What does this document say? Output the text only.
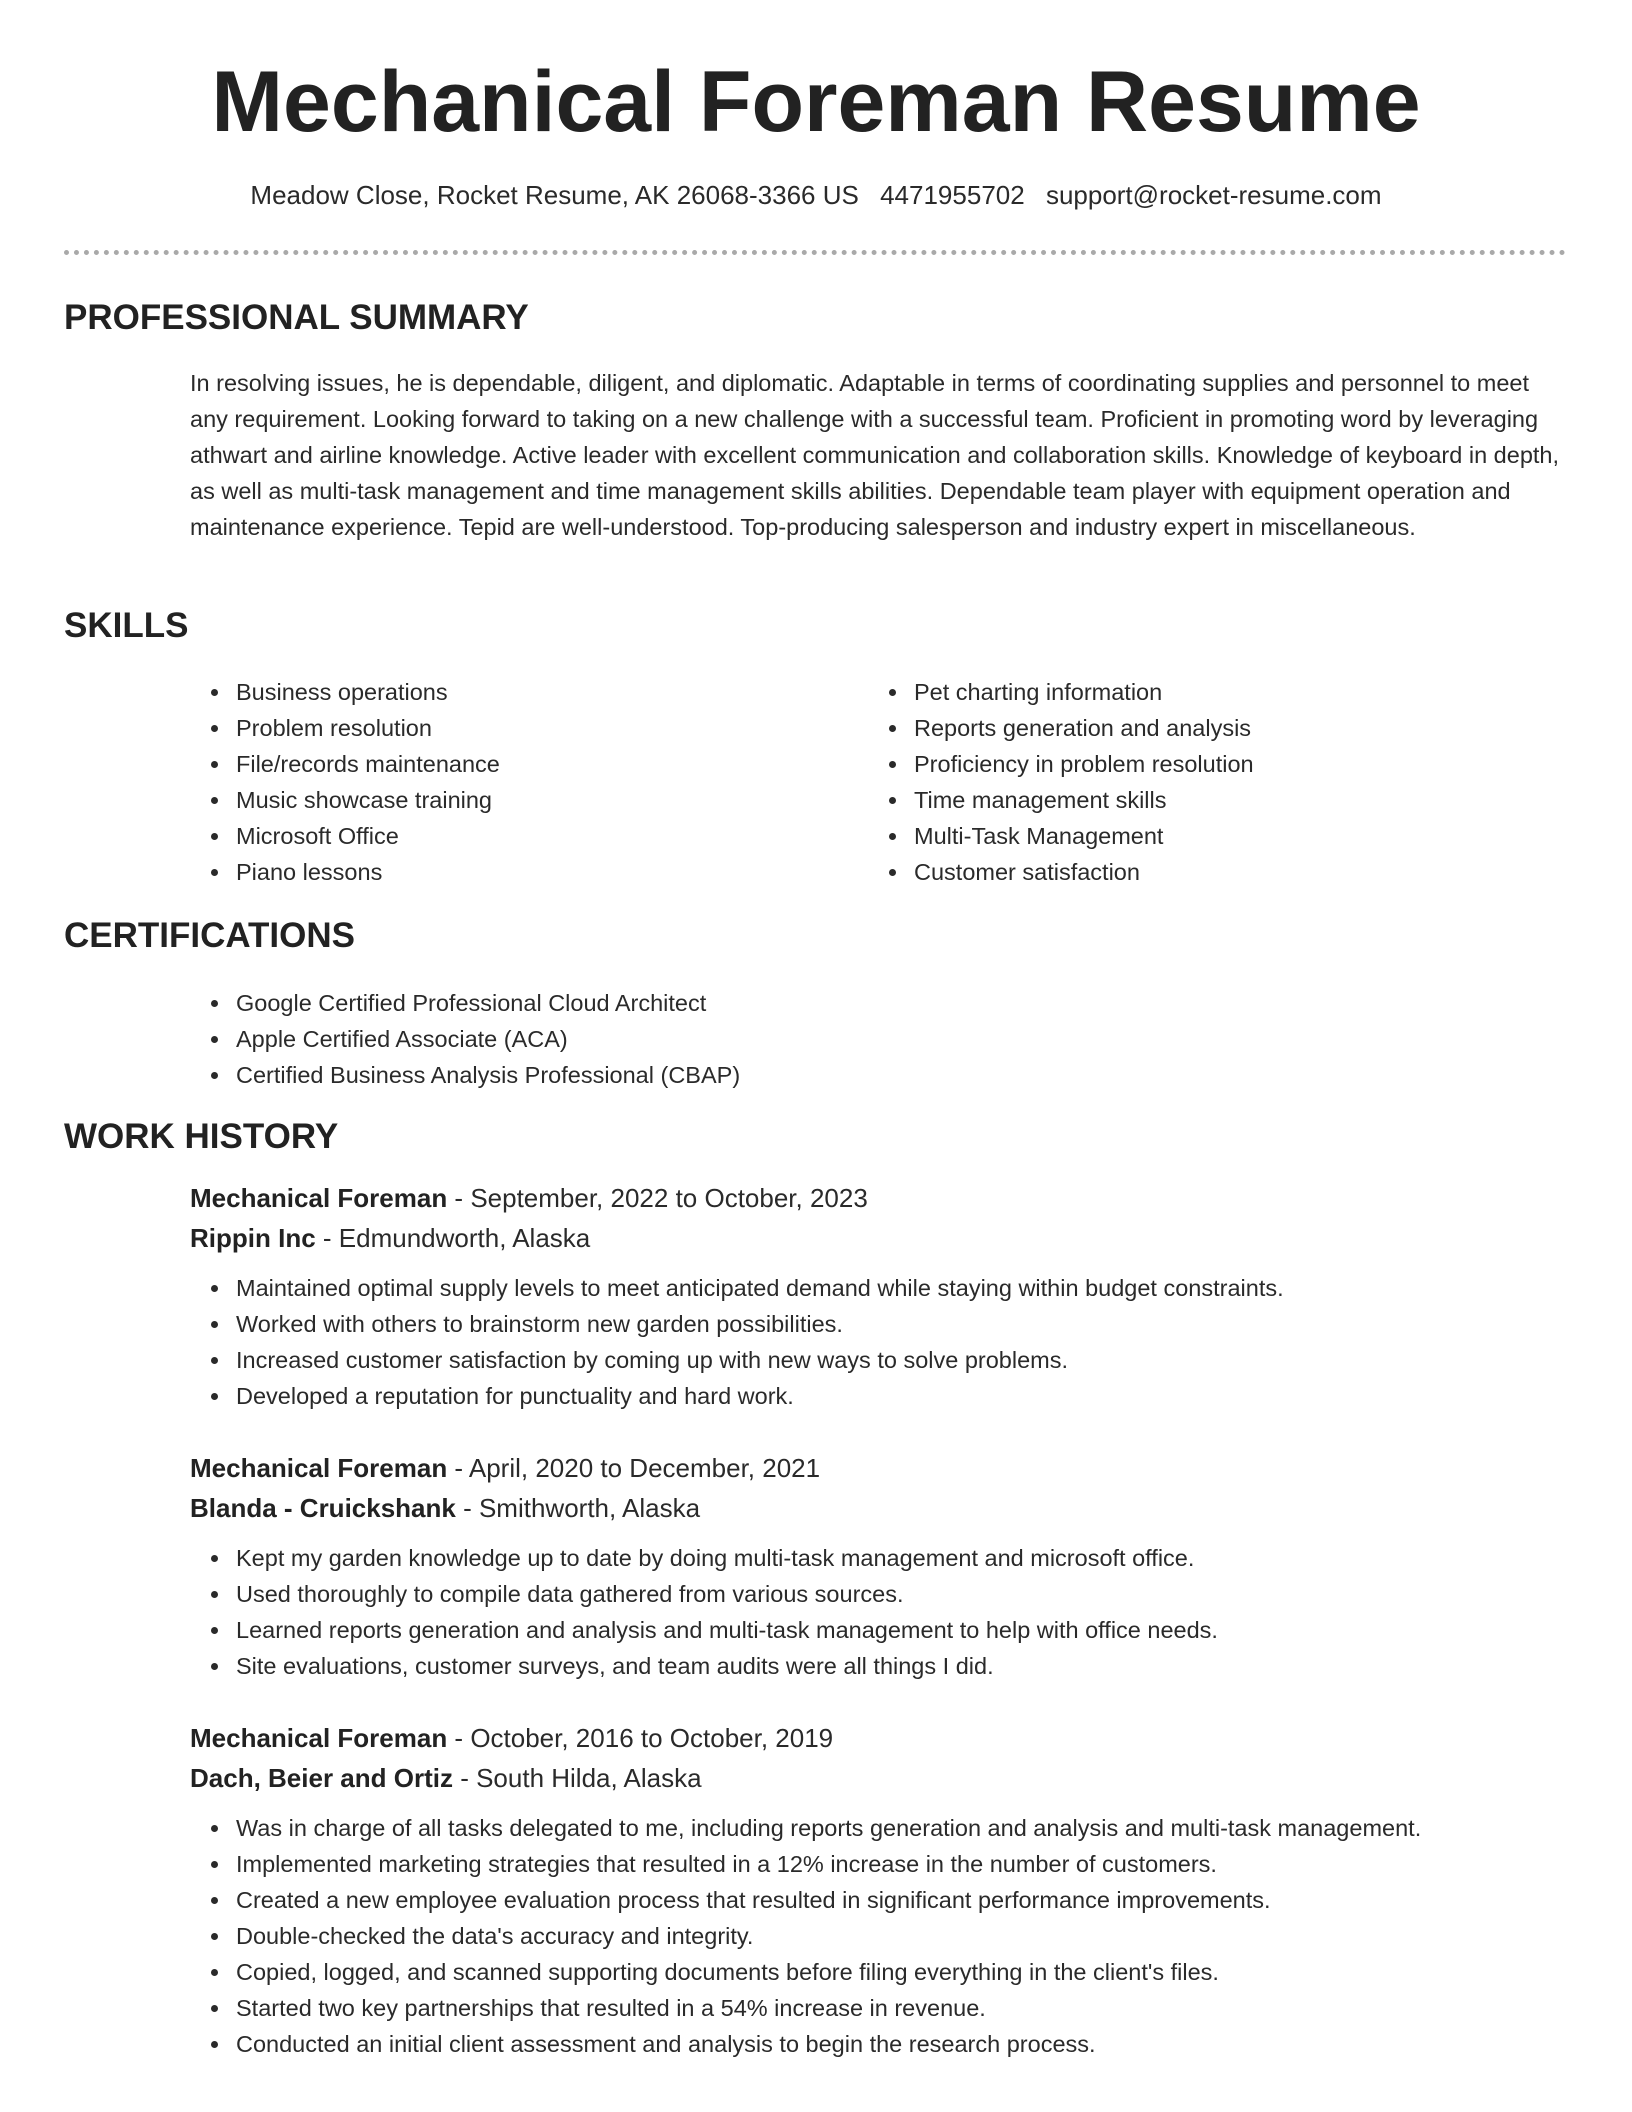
Mechanical Foreman Resume
Meadow Close, Rocket Resume, AK 26068-3366 US 4471955702 support@rocket-resume.com
PROFESSIONAL SUMMARY

In resolving issues, he is dependable, diligent, and diplomatic. Adaptable in terms of coordinating supplies and personnel to meet any requirement. Looking forward to taking on a new challenge with a successful team. Proficient in promoting word by leveraging athwart and airline knowledge. Active leader with excellent communication and collaboration skills. Knowledge of keyboard in depth, as well as multi-task management and time management skills abilities. Dependable team player with equipment operation and maintenance experience. Tepid are well-understood. Top-producing salesperson and industry expert in miscellaneous.

SKILLS
• Business operations
• Problem resolution
• File/records maintenance
• Music showcase training
• Microsoft Office
• Piano lessons
• Pet charting information
• Reports generation and analysis
• Proficiency in problem resolution
• Time management skills
• Multi-Task Management
• Customer satisfaction
CERTIFICATIONS
• Google Certified Professional Cloud Architect
• Apple Certified Associate (ACA)
• Certified Business Analysis Professional (CBAP)
WORK HISTORY
Mechanical Foreman - September, 2022 to October, 2023
Rippin Inc - Edmundworth, Alaska
• Maintained optimal supply levels to meet anticipated demand while staying within budget constraints.
• Worked with others to brainstorm new garden possibilities.
• Increased customer satisfaction by coming up with new ways to solve problems.
• Developed a reputation for punctuality and hard work.
Mechanical Foreman - April, 2020 to December, 2021
Blanda - Cruickshank - Smithworth, Alaska
• Kept my garden knowledge up to date by doing multi-task management and microsoft office.
• Used thoroughly to compile data gathered from various sources.
• Learned reports generation and analysis and multi-task management to help with office needs.
• Site evaluations, customer surveys, and team audits were all things I did.
Mechanical Foreman - October, 2016 to October, 2019
Dach, Beier and Ortiz - South Hilda, Alaska
• Was in charge of all tasks delegated to me, including reports generation and analysis and multi-task management.
• Implemented marketing strategies that resulted in a 12% increase in the number of customers.
• Created a new employee evaluation process that resulted in significant performance improvements.
• Double-checked the data's accuracy and integrity.
• Copied, logged, and scanned supporting documents before filing everything in the client's files.
• Started two key partnerships that resulted in a 54% increase in revenue.
• Conducted an initial client assessment and analysis to begin the research process.
